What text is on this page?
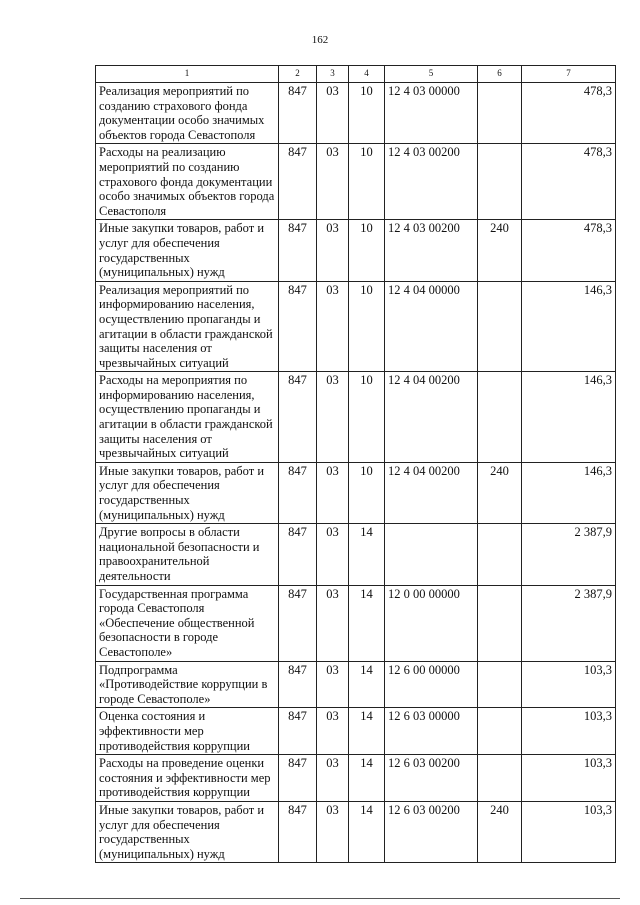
162
1	2	3	4	5	6	7
Реализация мероприятий по созданию страхового фонда документации особо значимых объектов города Севастополя	847	03	10	12 4 03 00000		478,3
Расходы на реализацию мероприятий по созданию страхового фонда документации особо значимых объектов города Севастополя	847	03	10	12 4 03 00200		478,3
Иные закупки товаров, работ и услуг для обеспечения государственных (муниципальных) нужд	847	03	10	12 4 03 00200	240	478,3
Реализация мероприятий по информированию населения, осуществлению пропаганды и агитации в области гражданской защиты населения от чрезвычайных ситуаций	847	03	10	12 4 04 00000		146,3
Расходы на мероприятия по информированию населения, осуществлению пропаганды и агитации в области гражданской защиты населения от чрезвычайных ситуаций	847	03	10	12 4 04 00200		146,3
Иные закупки товаров, работ и услуг для обеспечения государственных (муниципальных) нужд	847	03	10	12 4 04 00200	240	146,3
Другие вопросы в области национальной безопасности и правоохранительной деятельности	847	03	14			2 387,9
Государственная программа города Севастополя «Обеспечение общественной безопасности в городе Севастополе»	847	03	14	12 0 00 00000		2 387,9
Подпрограмма «Противодействие коррупции в городе Севастополе»	847	03	14	12 6 00 00000		103,3
Оценка состояния и эффективности мер противодействия коррупции	847	03	14	12 6 03 00000		103,3
Расходы на проведение оценки состояния и эффективности мер противодействия коррупции	847	03	14	12 6 03 00200		103,3
Иные закупки товаров, работ и услуг для обеспечения государственных (муниципальных) нужд	847	03	14	12 6 03 00200	240	103,3
